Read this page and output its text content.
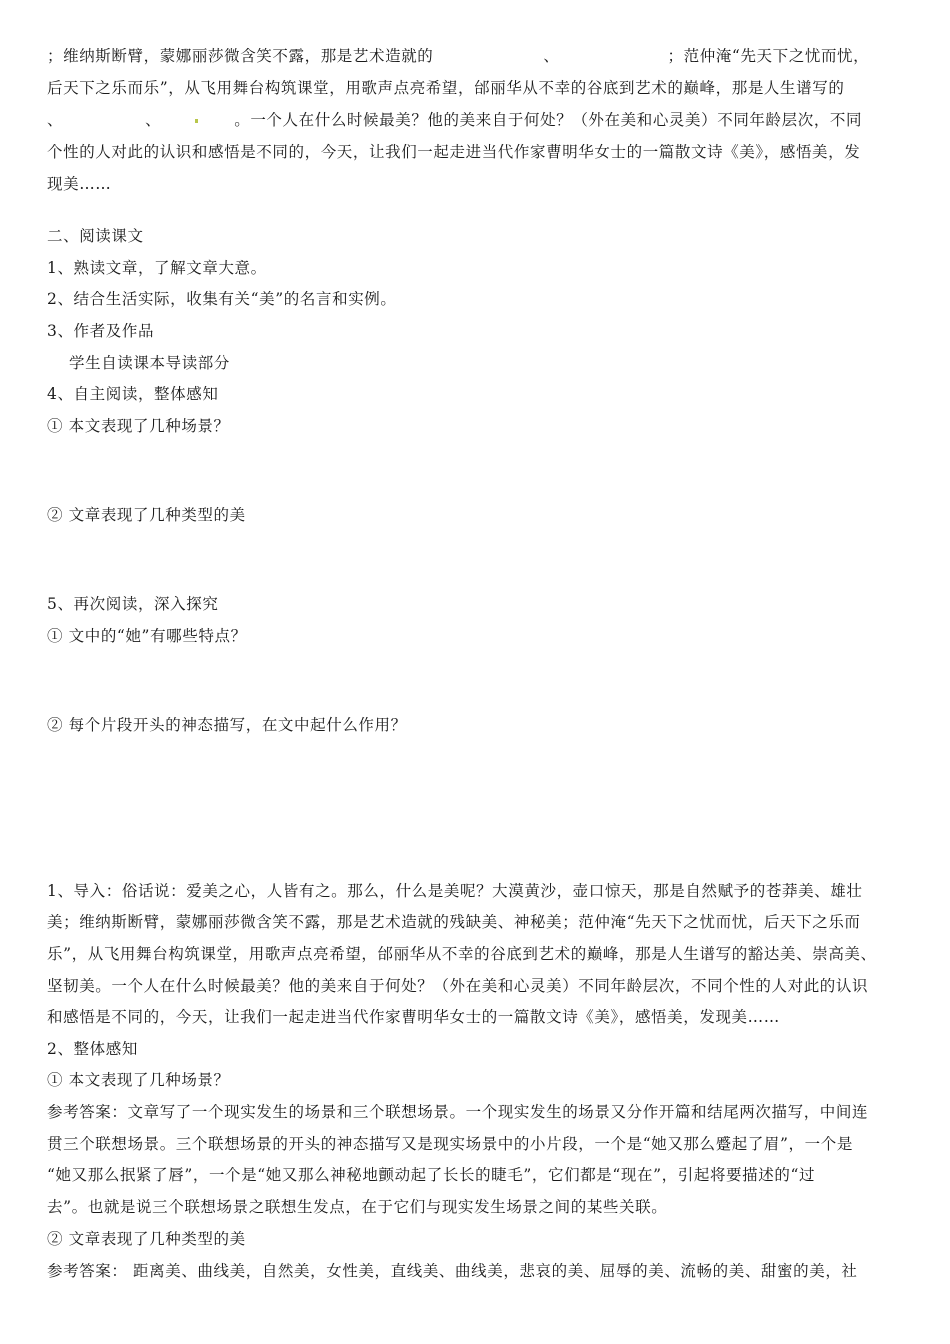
；维纳斯断臂，蒙娜丽莎微含笑不露，那是艺术造就的	、	；范仲淹“先天下之忧而忧，
后天下之乐而乐”，从飞用舞台构筑课堂，用歌声点亮希望，邰丽华从不幸的谷底到艺术的巅峰，那是人生谱写的
、	、	。一个人在什么时候最美？他的美来自于何处？（外在美和心灵美）不同年龄层次，不同
个性的人对此的认识和感悟是不同的，今天，让我们一起走进当代作家曹明华女士的一篇散文诗《美》，感悟美，发
现美……
二、阅读课文
1、熟读文章，了解文章大意。
2、结合生活实际，收集有关“美”的名言和实例。
3、作者及作品
学生自读课本导读部分
4、自主阅读，整体感知
① 本文表现了几种场景？
② 文章表现了几种类型的美
5、再次阅读，深入探究
① 文中的“她”有哪些特点？
② 每个片段开头的神态描写，在文中起什么作用？
1、导入：俗话说：爱美之心，人皆有之。那么，什么是美呢？大漠黄沙，壶口惊天，那是自然赋予的苍莽美、雄壮
美；维纳斯断臂，蒙娜丽莎微含笑不露，那是艺术造就的残缺美、神秘美；范仲淹“先天下之忧而忧，后天下之乐而
乐”，从飞用舞台构筑课堂，用歌声点亮希望，邰丽华从不幸的谷底到艺术的巅峰，那是人生谱写的豁达美、崇高美、
坚韧美。一个人在什么时候最美？他的美来自于何处？（外在美和心灵美）不同年龄层次，不同个性的人对此的认识
和感悟是不同的，今天，让我们一起走进当代作家曹明华女士的一篇散文诗《美》，感悟美，发现美……
2、整体感知
① 本文表现了几种场景？
参考答案：文章写了一个现实发生的场景和三个联想场景。一个现实发生的场景又分作开篇和结尾两次描写，中间连
贯三个联想场景。三个联想场景的开头的神态描写又是现实场景中的小片段，一个是“她又那么蹙起了眉”，一个是
“她又那么抿紧了唇”，一个是“她又那么神秘地颤动起了长长的睫毛”，它们都是“现在”，引起将要描述的“过
去”。也就是说三个联想场景之联想生发点，在于它们与现实发生场景之间的某些关联。
② 文章表现了几种类型的美
参考答案： 距离美、曲线美，自然美，女性美，直线美、曲线美，悲哀的美、屈辱的美、流畅的美、甜蜜的美，社
